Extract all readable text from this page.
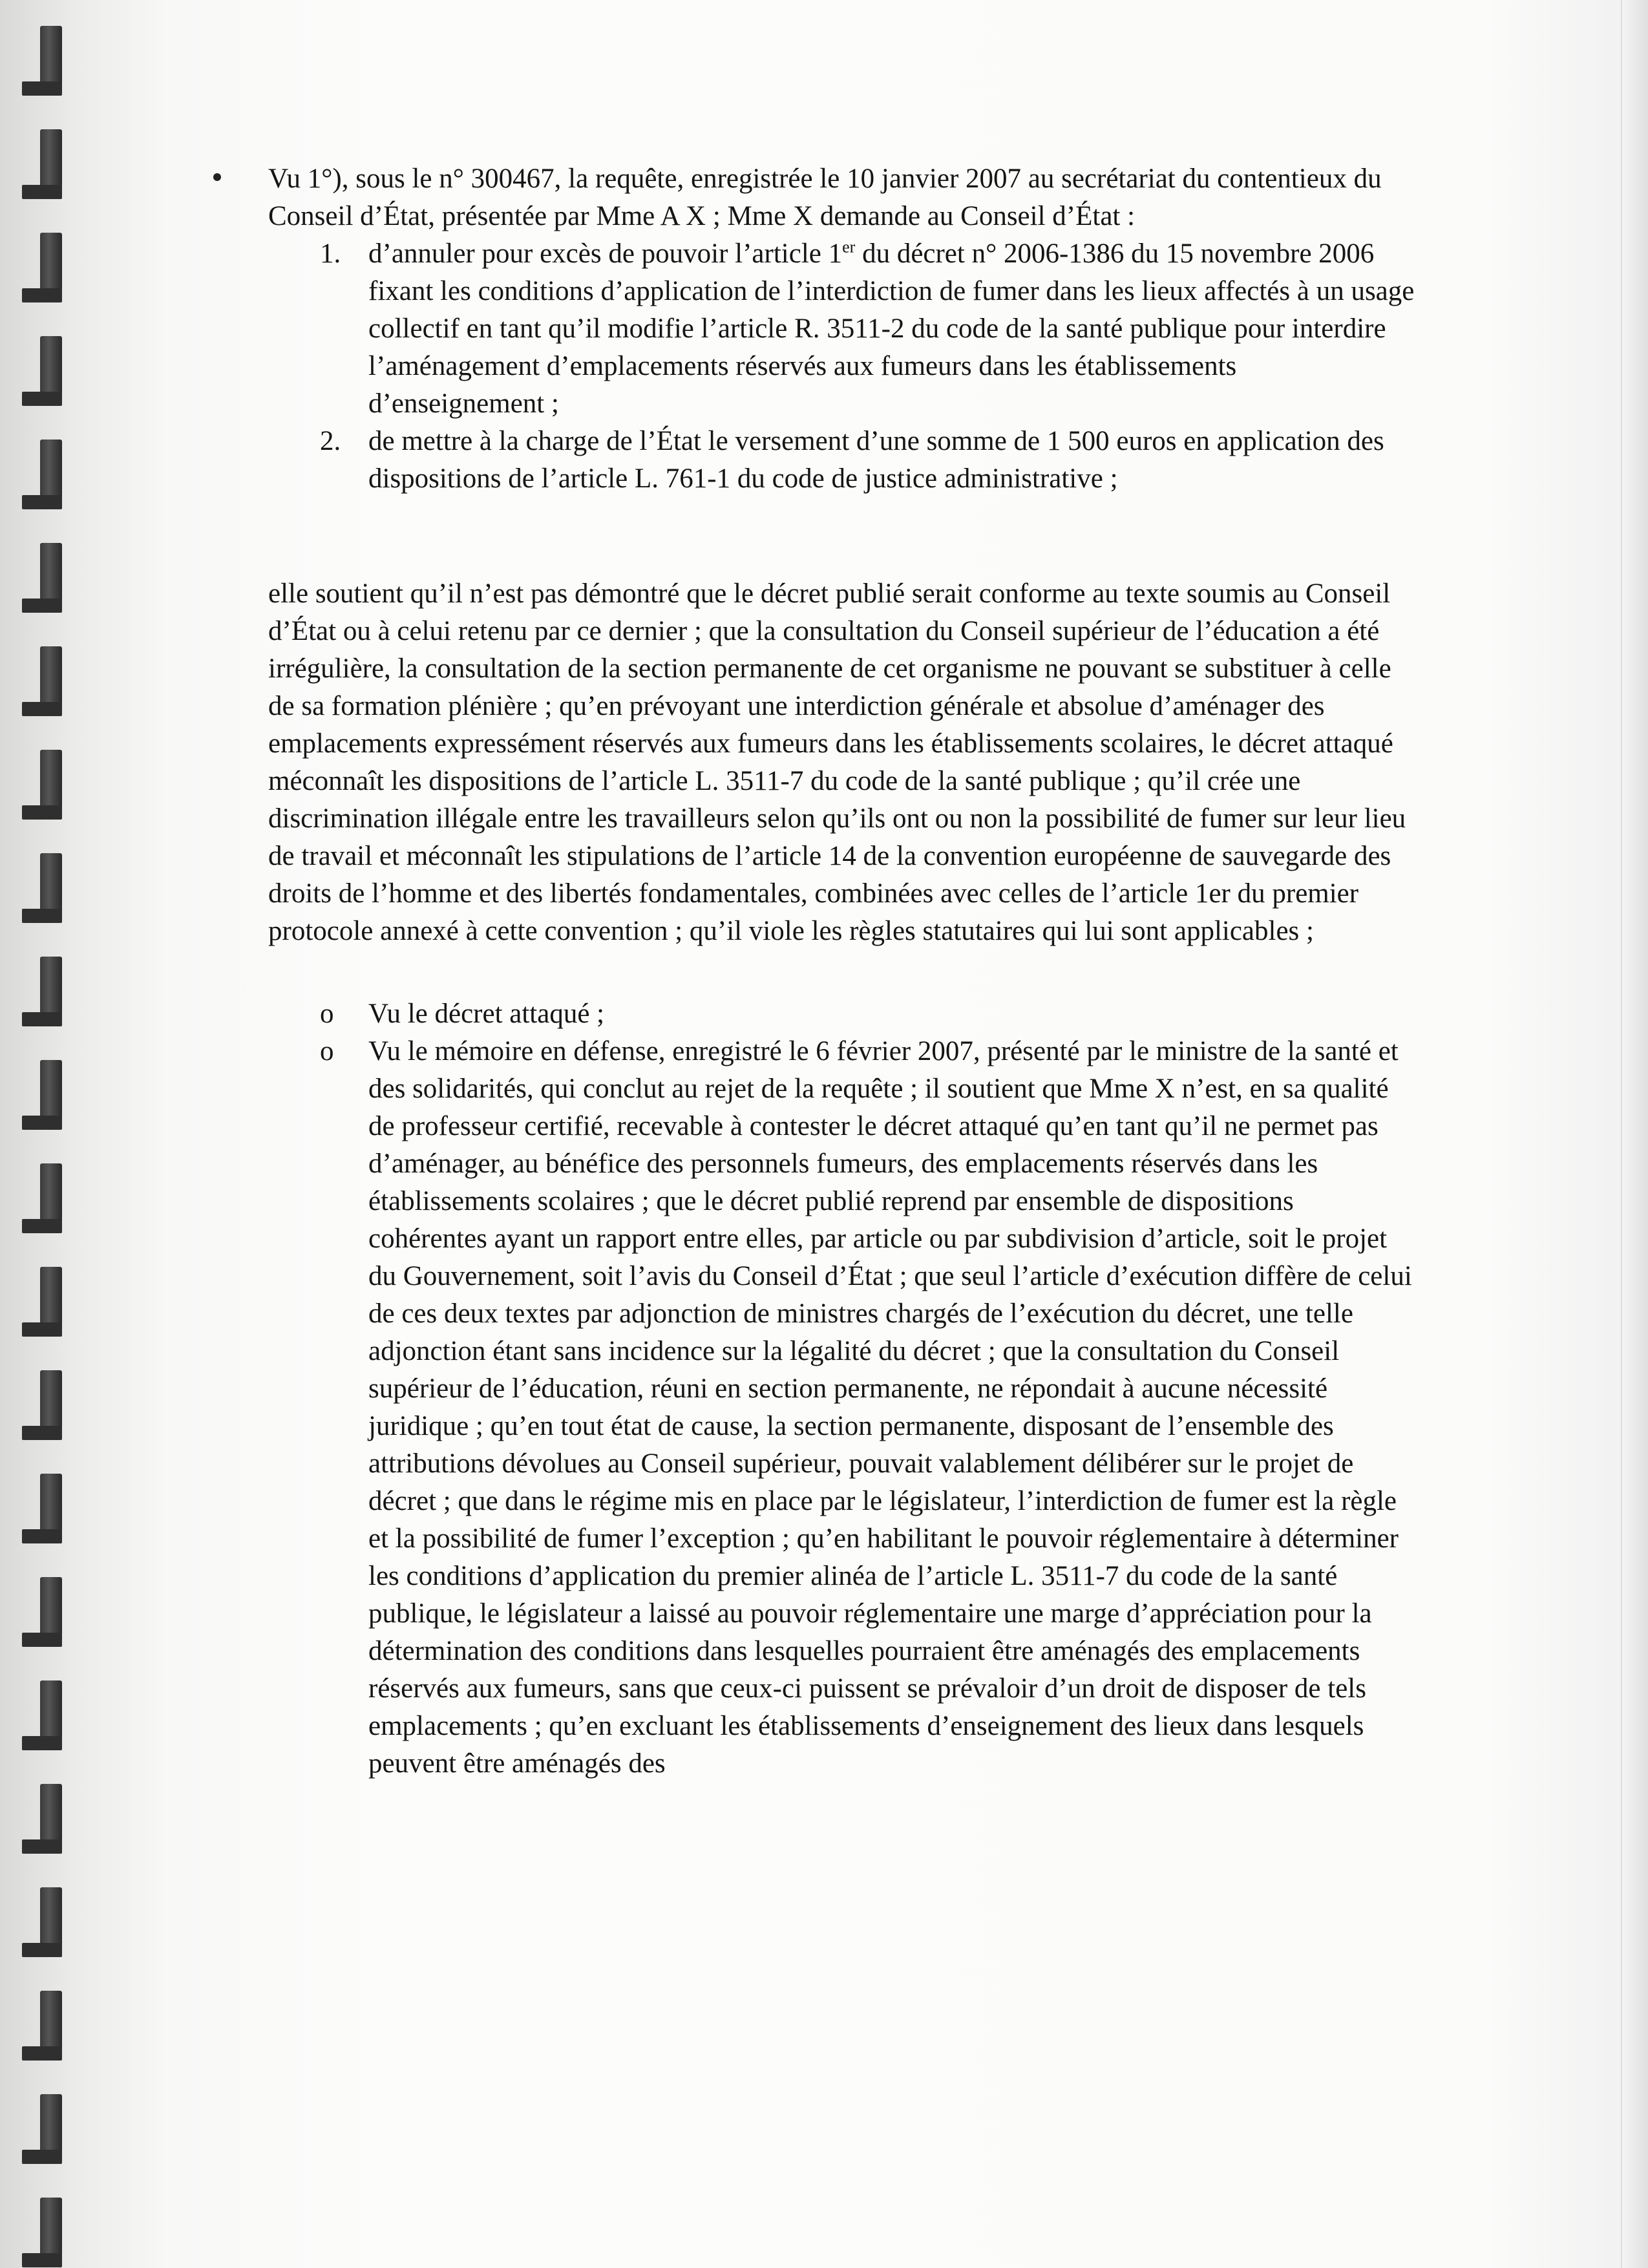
Vu 1°), sous le n° 300467, la requête, enregistrée le 10 janvier 2007 au secrétariat du contentieux du Conseil d’État, présentée par Mme A X ; Mme X demande au Conseil d’État :

1. d’annuler pour excès de pouvoir l’article 1er du décret n° 2006-1386 du 15 novembre 2006 fixant les conditions d’application de l’interdiction de fumer dans les lieux affectés à un usage collectif en tant qu’il modifie l’article R. 3511-2 du code de la santé publique pour interdire l’aménagement d’emplacements réservés aux fumeurs dans les établissements d’enseignement ;
2. de mettre à la charge de l’État le versement d’une somme de 1 500 euros en application des dispositions de l’article L. 761-1 du code de justice administrative ;

elle soutient qu’il n’est pas démontré que le décret publié serait conforme au texte soumis au Conseil d’État ou à celui retenu par ce dernier ; que la consultation du Conseil supérieur de l’éducation a été irrégulière, la consultation de la section permanente de cet organisme ne pouvant se substituer à celle de sa formation plénière ; qu’en prévoyant une interdiction générale et absolue d’aménager des emplacements expressément réservés aux fumeurs dans les établissements scolaires, le décret attaqué méconnaît les dispositions de l’article L. 3511-7 du code de la santé publique ; qu’il crée une discrimination illégale entre les travailleurs selon qu’ils ont ou non la possibilité de fumer sur leur lieu de travail et méconnaît les stipulations de l’article 14 de la convention européenne de sauvegarde des droits de l’homme et des libertés fondamentales, combinées avec celles de l’article 1er du premier protocole annexé à cette convention ; qu’il viole les règles statutaires qui lui sont applicables ;

o Vu le décret attaqué ;
o Vu le mémoire en défense, enregistré le 6 février 2007, présenté par le ministre de la santé et des solidarités, qui conclut au rejet de la requête ; il soutient que Mme X n’est, en sa qualité de professeur certifié, recevable à contester le décret attaqué qu’en tant qu’il ne permet pas d’aménager, au bénéfice des personnels fumeurs, des emplacements réservés dans les établissements scolaires ; que le décret publié reprend par ensemble de dispositions cohérentes ayant un rapport entre elles, par article ou par subdivision d’article, soit le projet du Gouvernement, soit l’avis du Conseil d’État ; que seul l’article d’exécution diffère de celui de ces deux textes par adjonction de ministres chargés de l’exécution du décret, une telle adjonction étant sans incidence sur la légalité du décret ; que la consultation du Conseil supérieur de l’éducation, réuni en section permanente, ne répondait à aucune nécessité juridique ; qu’en tout état de cause, la section permanente, disposant de l’ensemble des attributions dévolues au Conseil supérieur, pouvait valablement délibérer sur le projet de décret ; que dans le régime mis en place par le législateur, l’interdiction de fumer est la règle et la possibilité de fumer l’exception ; qu’en habilitant le pouvoir réglementaire à déterminer les conditions d’application du premier alinéa de l’article L. 3511-7 du code de la santé publique, le législateur a laissé au pouvoir réglementaire une marge d’appréciation pour la détermination des conditions dans lesquelles pourraient être aménagés des emplacements réservés aux fumeurs, sans que ceux-ci puissent se prévaloir d’un droit de disposer de tels emplacements ; qu’en excluant les établissements d’enseignement des lieux dans lesquels peuvent être aménagés des
